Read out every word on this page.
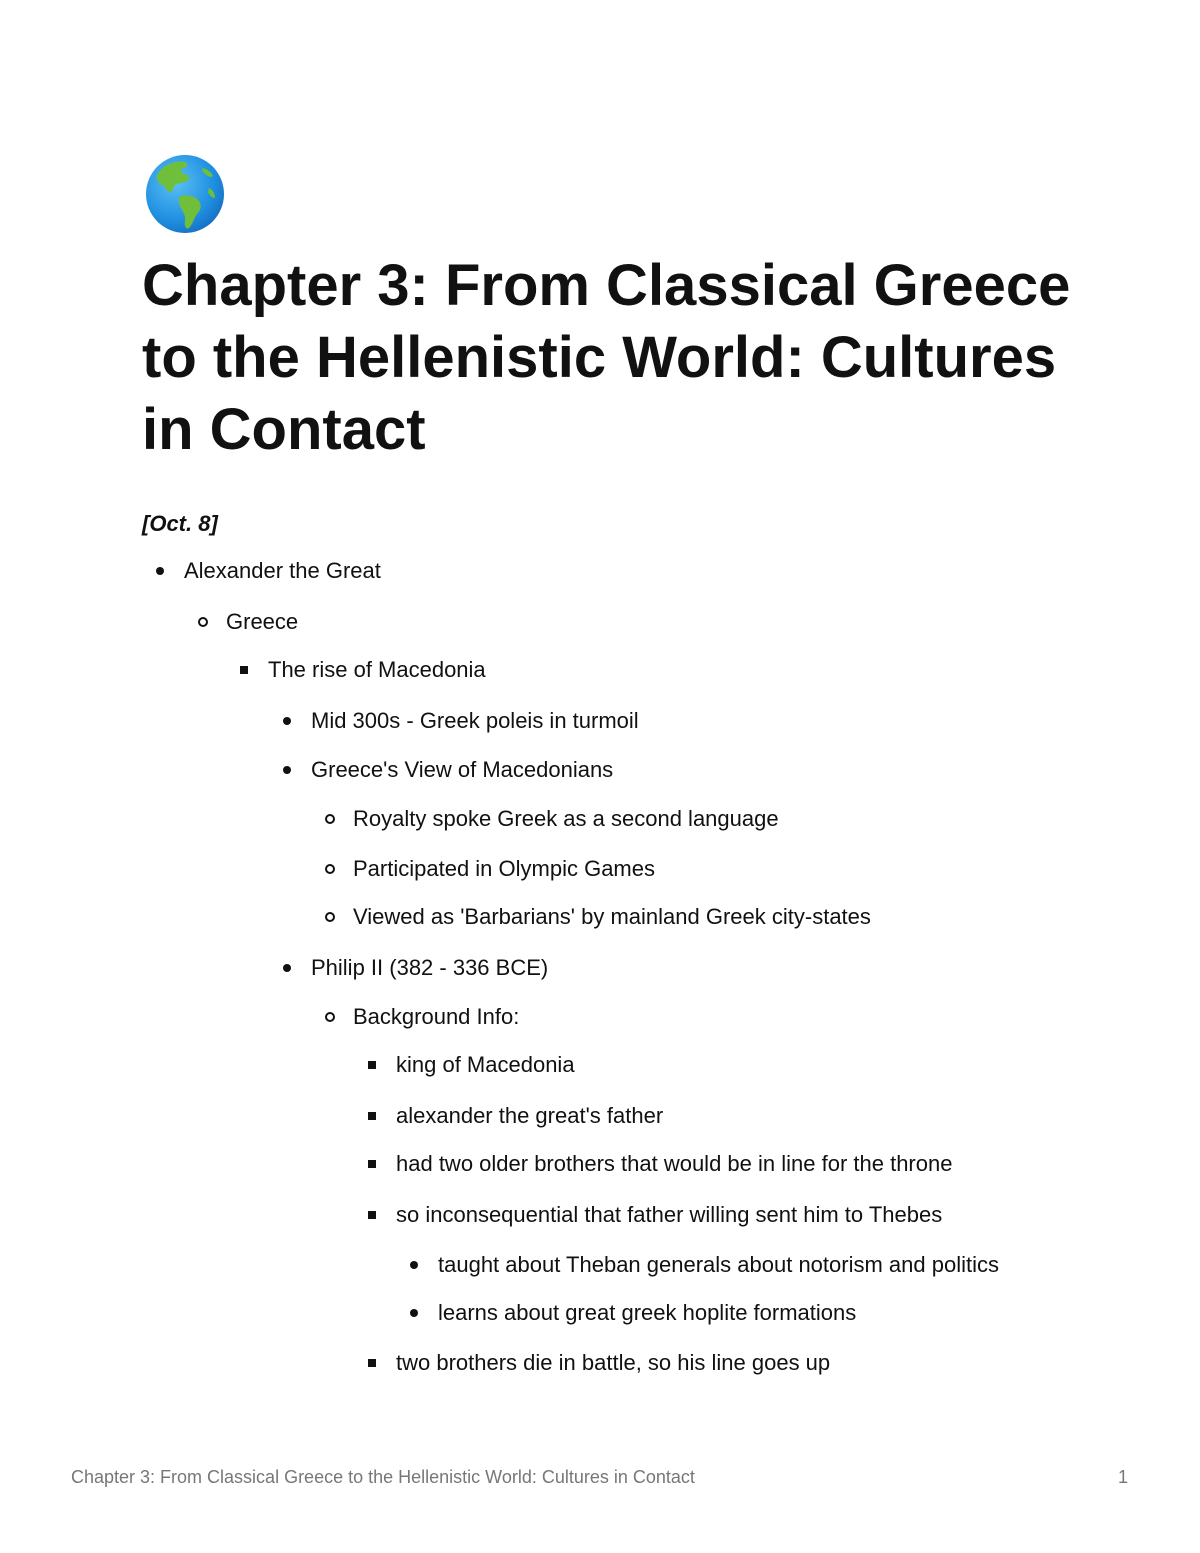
Chapter 3: From Classical Greece to the Hellenistic World: Cultures in Contact

[Oct. 8]

Alexander the Great
Greece
The rise of Macedonia
Mid 300s - Greek poleis in turmoil
Greece's View of Macedonians
Royalty spoke Greek as a second language
Participated in Olympic Games
Viewed as 'Barbarians' by mainland Greek city-states
Philip II (382 - 336 BCE)
Background Info:
king of Macedonia
alexander the great's father
had two older brothers that would be in line for the throne
so inconsequential that father willing sent him to Thebes
taught about Theban generals about notorism and politics
learns about great greek hoplite formations
two brothers die in battle, so his line goes up
Chapter 3: From Classical Greece to the Hellenistic World: Cultures in Contact	1
